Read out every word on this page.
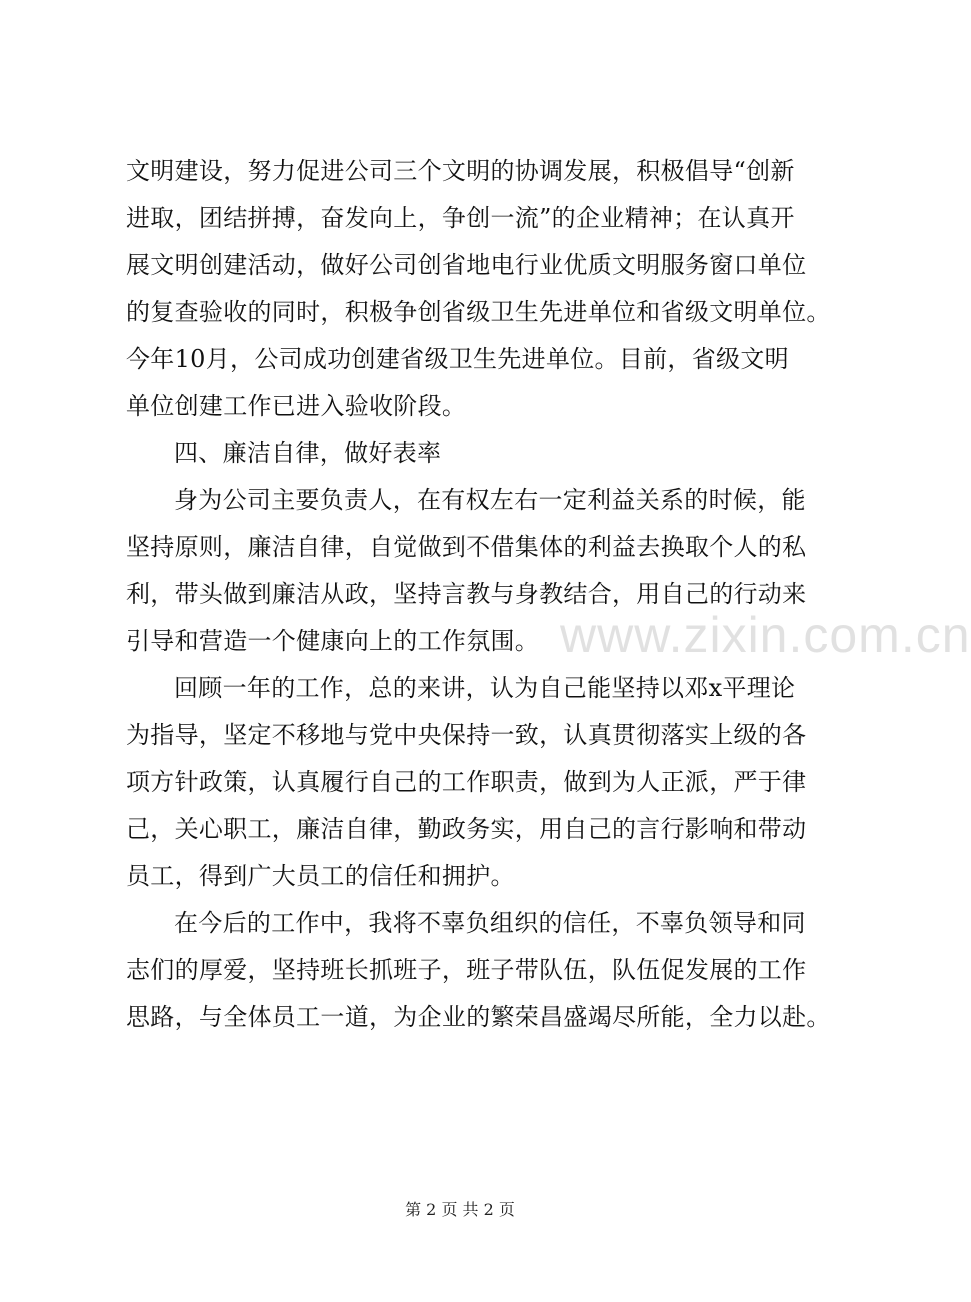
www.zixin.com.cn
文明建设，努力促进公司三个文明的协调发展，积极倡导“创新
进取，团结拼搏，奋发向上，争创一流”的企业精神；在认真开
展文明创建活动，做好公司创省地电行业优质文明服务窗口单位
的复查验收的同时，积极争创省级卫生先进单位和省级文明单位。
今年10月，公司成功创建省级卫生先进单位。目前，省级文明
单位创建工作已进入验收阶段。
四、廉洁自律，做好表率
身为公司主要负责人，在有权左右一定利益关系的时候，能
坚持原则，廉洁自律，自觉做到不借集体的利益去换取个人的私
利，带头做到廉洁从政，坚持言教与身教结合，用自己的行动来
引导和营造一个健康向上的工作氛围。
回顾一年的工作，总的来讲，认为自己能坚持以邓x平理论
为指导，坚定不移地与党中央保持一致，认真贯彻落实上级的各
项方针政策，认真履行自己的工作职责，做到为人正派，严于律
己，关心职工，廉洁自律，勤政务实，用自己的言行影响和带动
员工，得到广大员工的信任和拥护。
在今后的工作中，我将不辜负组织的信任，不辜负领导和同
志们的厚爱，坚持班长抓班子，班子带队伍，队伍促发展的工作
思路，与全体员工一道，为企业的繁荣昌盛竭尽所能，全力以赴。
第 2 页 共 2 页
